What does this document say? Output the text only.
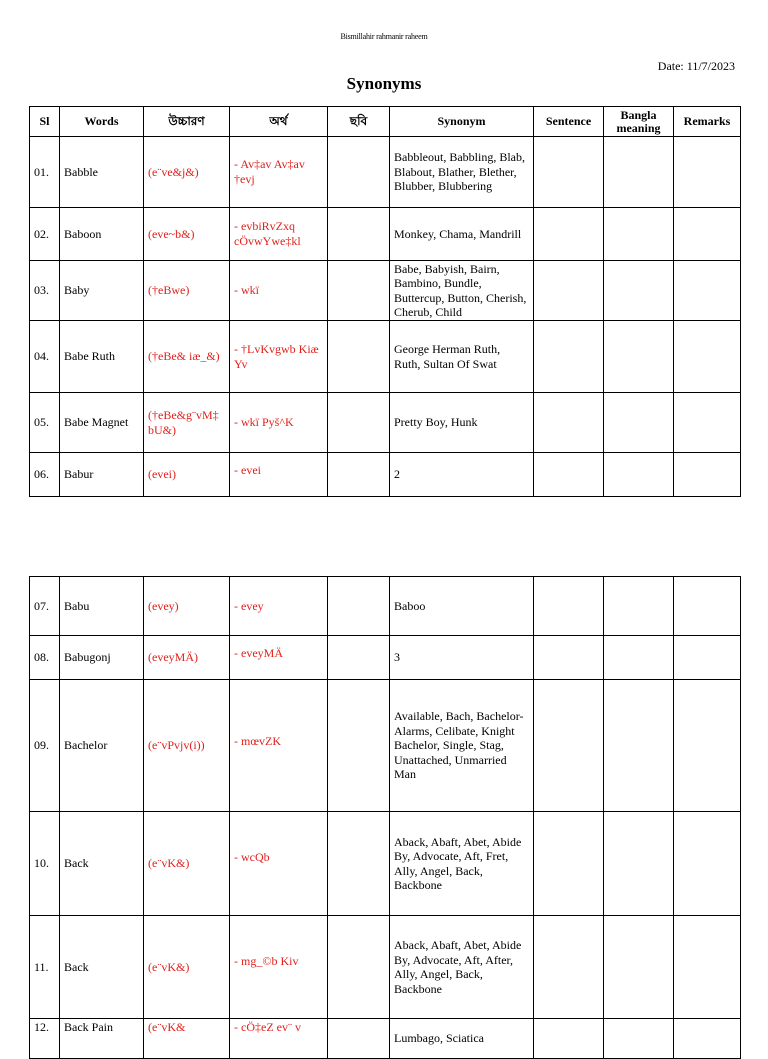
Bismillahir rahmanir raheem
Date: 11/7/2023
Synonyms
Sl	Words	উচ্চারণ	অর্থ	ছবি	Synonym	Sentence	Bangla meaning	Remarks
01.	Babble	(e¨ve&j&)	- Av‡av Av‡av †evj		Babbleout, Babbling, Blab, Blabout, Blather, Blether, Blubber, Blubbering			
02.	Baboon	(eve~b&)	- evbiRvZxq cÖvwYwe‡kl		Monkey, Chama, Mandrill			
03.	Baby	(†eBwe)	- wkï		Babe, Babyish, Bairn, Bambino, Bundle, Buttercup, Button, Cherish, Cherub, Child			
04.	Babe Ruth	(†eBe& iæ_&)	- †LvKvgwb Kiæ Yv		George Herman Ruth, Ruth, Sultan Of Swat			
05.	Babe Magnet	(†eBe&g¨vM‡ bU&)	- wkï Pyš^K		Pretty Boy, Hunk			
06.	Babur	(evei)	- evei		2			
07.	Babu	(evey)	- evey		Baboo			
08.	Babugonj	(eveyMÄ)	- eveyMÄ		3			
09.	Bachelor	(e¨vPvjv(i))	- mœvZK		Available, Bach, Bachelor-Alarms, Celibate, Knight Bachelor, Single, Stag, Unattached, Unmarried Man			
10.	Back	(e¨vK&)	- wcQb		Aback, Abaft, Abet, Abide By, Advocate, Aft, Fret, Ally, Angel, Back, Backbone			
11.	Back	(e¨vK&)	- mg_©b Kiv		Aback, Abaft, Abet, Abide By, Advocate, Aft, After, Ally, Angel, Back, Backbone			
12.	Back Pain	(e¨vK&	- cÖ‡eZ ev¨ v		Lumbago, Sciatica			
